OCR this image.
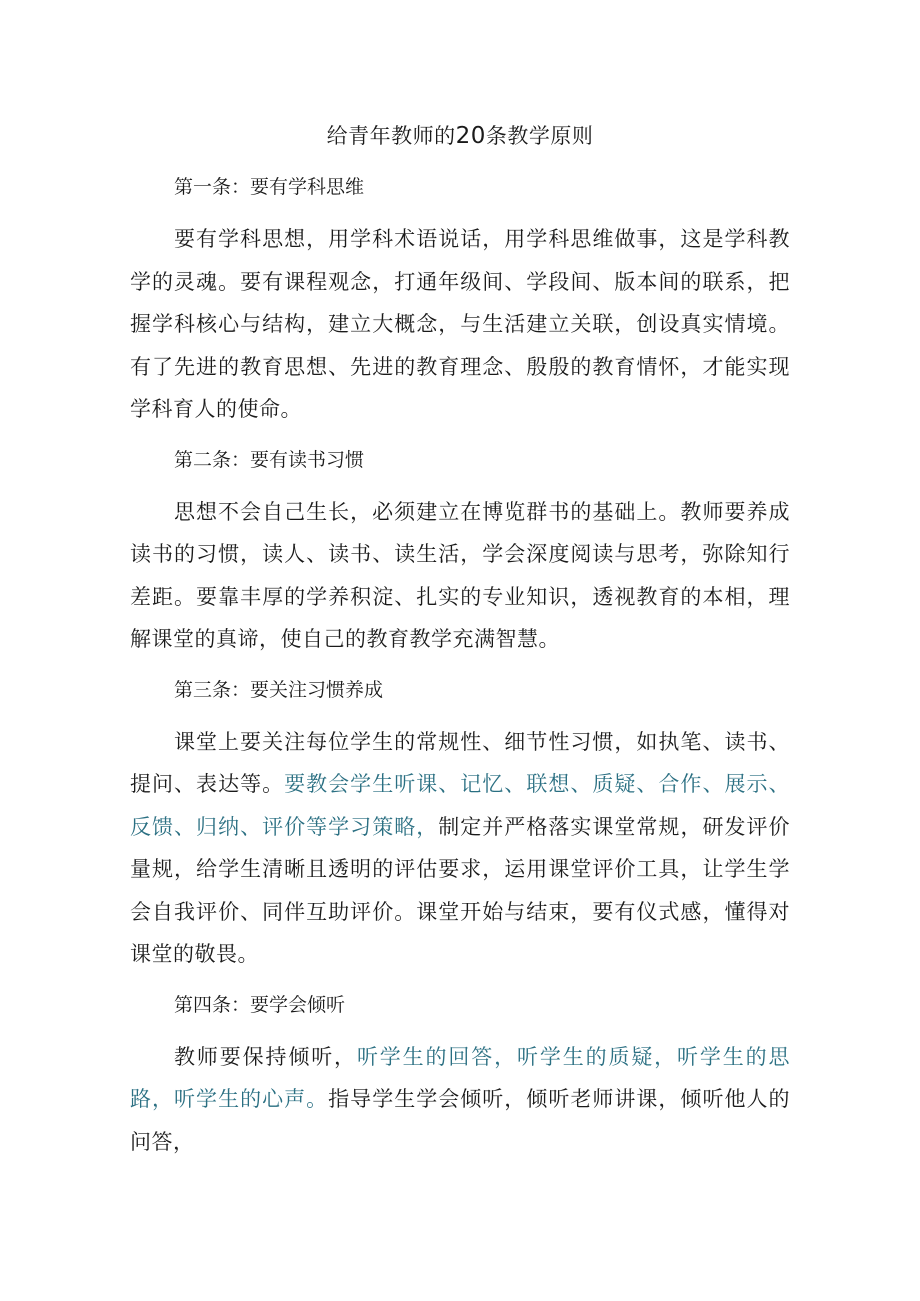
给青年教师的20条教学原则
第一条：要有学科思维

要有学科思想，用学科术语说话，用学科思维做事，这是学科教学的灵魂。要有课程观念，打通年级间、学段间、版本间的联系，把握学科核心与结构，建立大概念，与生活建立关联，创设真实情境。有了先进的教育思想、先进的教育理念、殷殷的教育情怀，才能实现学科育人的使命。

第二条：要有读书习惯

思想不会自己生长，必须建立在博览群书的基础上。教师要养成读书的习惯，读人、读书、读生活，学会深度阅读与思考，弥除知行差距。要靠丰厚的学养积淀、扎实的专业知识，透视教育的本相，理解课堂的真谛，使自己的教育教学充满智慧。

第三条：要关注习惯养成

课堂上要关注每位学生的常规性、细节性习惯，如执笔、读书、提问、表达等。要教会学生听课、记忆、联想、质疑、合作、展示、反馈、归纳、评价等学习策略，制定并严格落实课堂常规，研发评价量规，给学生清晰且透明的评估要求，运用课堂评价工具，让学生学会自我评价、同伴互助评价。课堂开始与结束，要有仪式感，懂得对课堂的敬畏。

第四条：要学会倾听

教师要保持倾听，听学生的回答，听学生的质疑，听学生的思路，听学生的心声。指导学生学会倾听，倾听老师讲课，倾听他人的问答，
